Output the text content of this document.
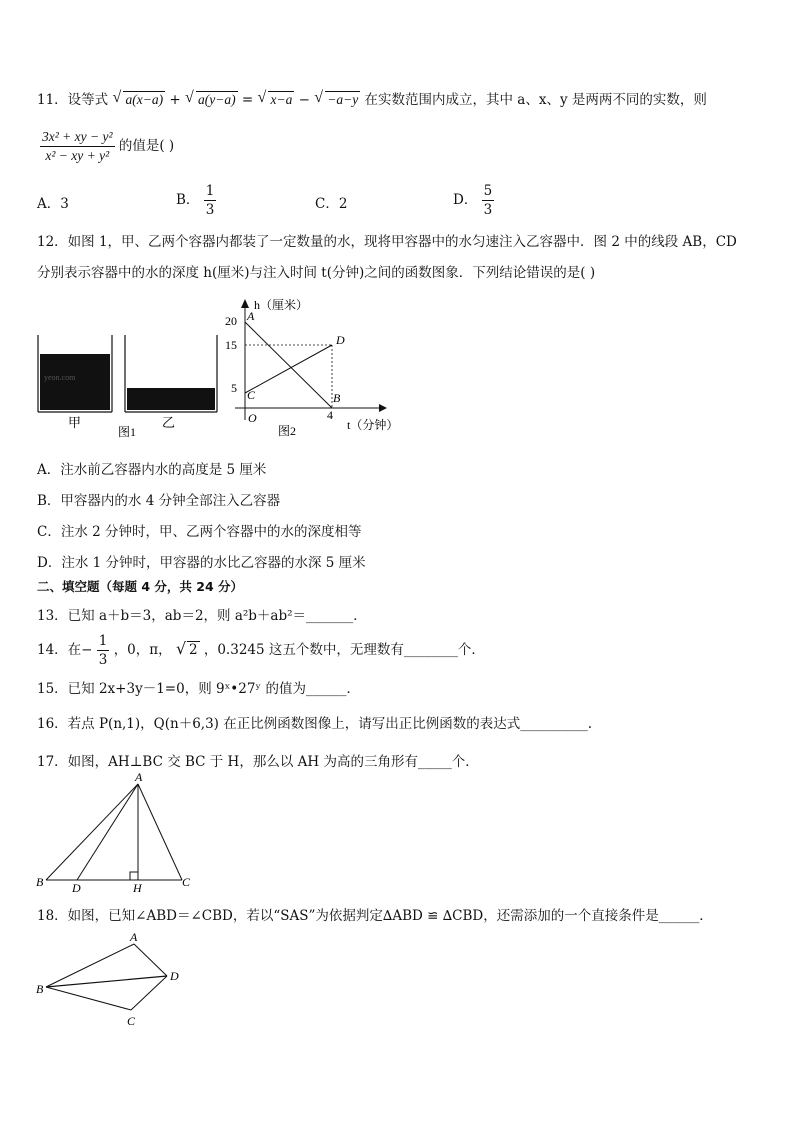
11．设等式 √ a(x−a) + √ a(y−a) = √ x−a − √ −a−y 在实数范围内成立，其中 a、x、y 是两两不同的实数，则
$\frac{\text{3x² + xy − y²}}{\text{x² − xy + y²}}$ 的值是( )
A．3	B． $\frac{1}{3}$	C．2	D． $\frac{5}{3}$
12．如图 1，甲、乙两个容器内都装了一定数量的水，现将甲容器中的水匀速注入乙容器中．图 2 中的线段 AB，CD
分别表示容器中的水的深度 h(厘米)与注入时间 t(分钟)之间的函数图象．下列结论错误的是( )
yeon.com
甲	乙
图1
h（厘米）
t（分钟）
20
15
5
4
O
A
B
C
D
图2
A．注水前乙容器内水的高度是 5 厘米
B．甲容器内的水 4 分钟全部注入乙容器
C．注水 2 分钟时，甲、乙两个容器中的水的深度相等
D．注水 1 分钟时，甲容器的水比乙容器的水深 5 厘米
二、填空题（每题 4 分，共 24 分）
13．已知 a＋b＝3，ab＝2，则 a²b＋ab²＝_______．
14．在− $\frac{1}{3}$ ，0，π， √ 2 ，0.3245 这五个数中，无理数有________个．
15．已知 2x+3y－1=0，则 9ˣ•27ʸ 的值为______．
16．若点 P(n,1)，Q(n＋6,3) 在正比例函数图像上，请写出正比例函数的表达式__________.
17．如图，AH⊥BC 交 BC 于 H，那么以 AH 为高的三角形有_____个．
A
B	C
D	H
18．如图，已知∠ABD＝∠CBD，若以“SAS”为依据判定∆ABD ≌ ∆CBD，还需添加的一个直接条件是______．
A
B
C
D
